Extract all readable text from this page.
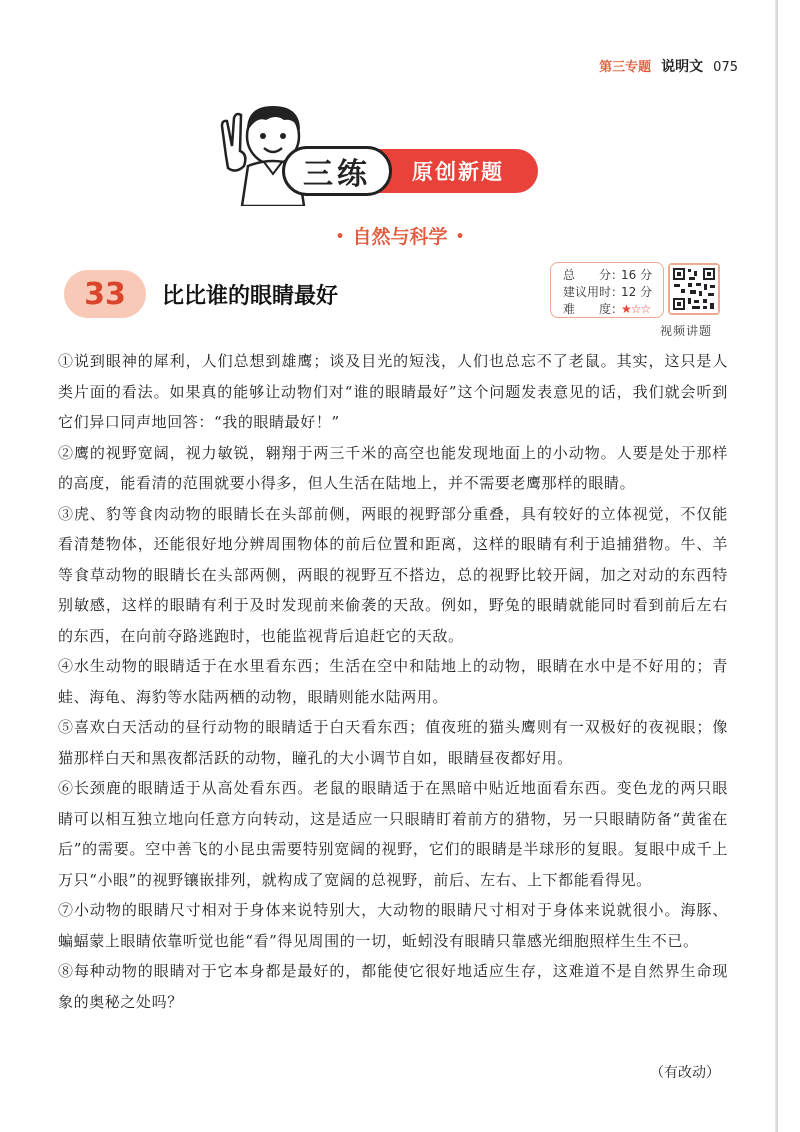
第三专题 说明文 075
三练	原创新题
• 自然与科学 •
33	比比谁的眼睛最好
总　　分：
16 分
建议用时：
12 分
难　　度：
★☆☆
视频讲题

①说到眼神的犀利，人们总想到雄鹰；谈及目光的短浅，人们也总忘不了老鼠。其实，这只是人类片面的看法。如果真的能够让动物们对“谁的眼睛最好”这个问题发表意见的话，我们就会听到它们异口同声地回答：“我的眼睛最好！”

②鹰的视野宽阔，视力敏锐，翱翔于两三千米的高空也能发现地面上的小动物。人要是处于那样的高度，能看清的范围就要小得多，但人生活在陆地上，并不需要老鹰那样的眼睛。

③虎、豹等食肉动物的眼睛长在头部前侧，两眼的视野部分重叠，具有较好的立体视觉，不仅能看清楚物体，还能很好地分辨周围物体的前后位置和距离，这样的眼睛有利于追捕猎物。牛、羊等食草动物的眼睛长在头部两侧，两眼的视野互不搭边，总的视野比较开阔，加之对动的东西特别敏感，这样的眼睛有利于及时发现前来偷袭的天敌。例如，野兔的眼睛就能同时看到前后左右的东西，在向前夺路逃跑时，也能监视背后追赶它的天敌。

④水生动物的眼睛适于在水里看东西；生活在空中和陆地上的动物，眼睛在水中是不好用的；青蛙、海龟、海豹等水陆两栖的动物，眼睛则能水陆两用。

⑤喜欢白天活动的昼行动物的眼睛适于白天看东西；值夜班的猫头鹰则有一双极好的夜视眼；像猫那样白天和黑夜都活跃的动物，瞳孔的大小调节自如，眼睛昼夜都好用。

⑥长颈鹿的眼睛适于从高处看东西。老鼠的眼睛适于在黑暗中贴近地面看东西。变色龙的两只眼睛可以相互独立地向任意方向转动，这是适应一只眼睛盯着前方的猎物，另一只眼睛防备“黄雀在后”的需要。空中善飞的小昆虫需要特别宽阔的视野，它们的眼睛是半球形的复眼。复眼中成千上万只“小眼”的视野镶嵌排列，就构成了宽阔的总视野，前后、左右、上下都能看得见。

⑦小动物的眼睛尺寸相对于身体来说特别大，大动物的眼睛尺寸相对于身体来说就很小。海豚、蝙蝠蒙上眼睛依靠听觉也能“看”得见周围的一切，蚯蚓没有眼睛只靠感光细胞照样生生不已。

⑧每种动物的眼睛对于它本身都是最好的，都能使它很好地适应生存，这难道不是自然界生命现象的奥秘之处吗？

（有改动）
